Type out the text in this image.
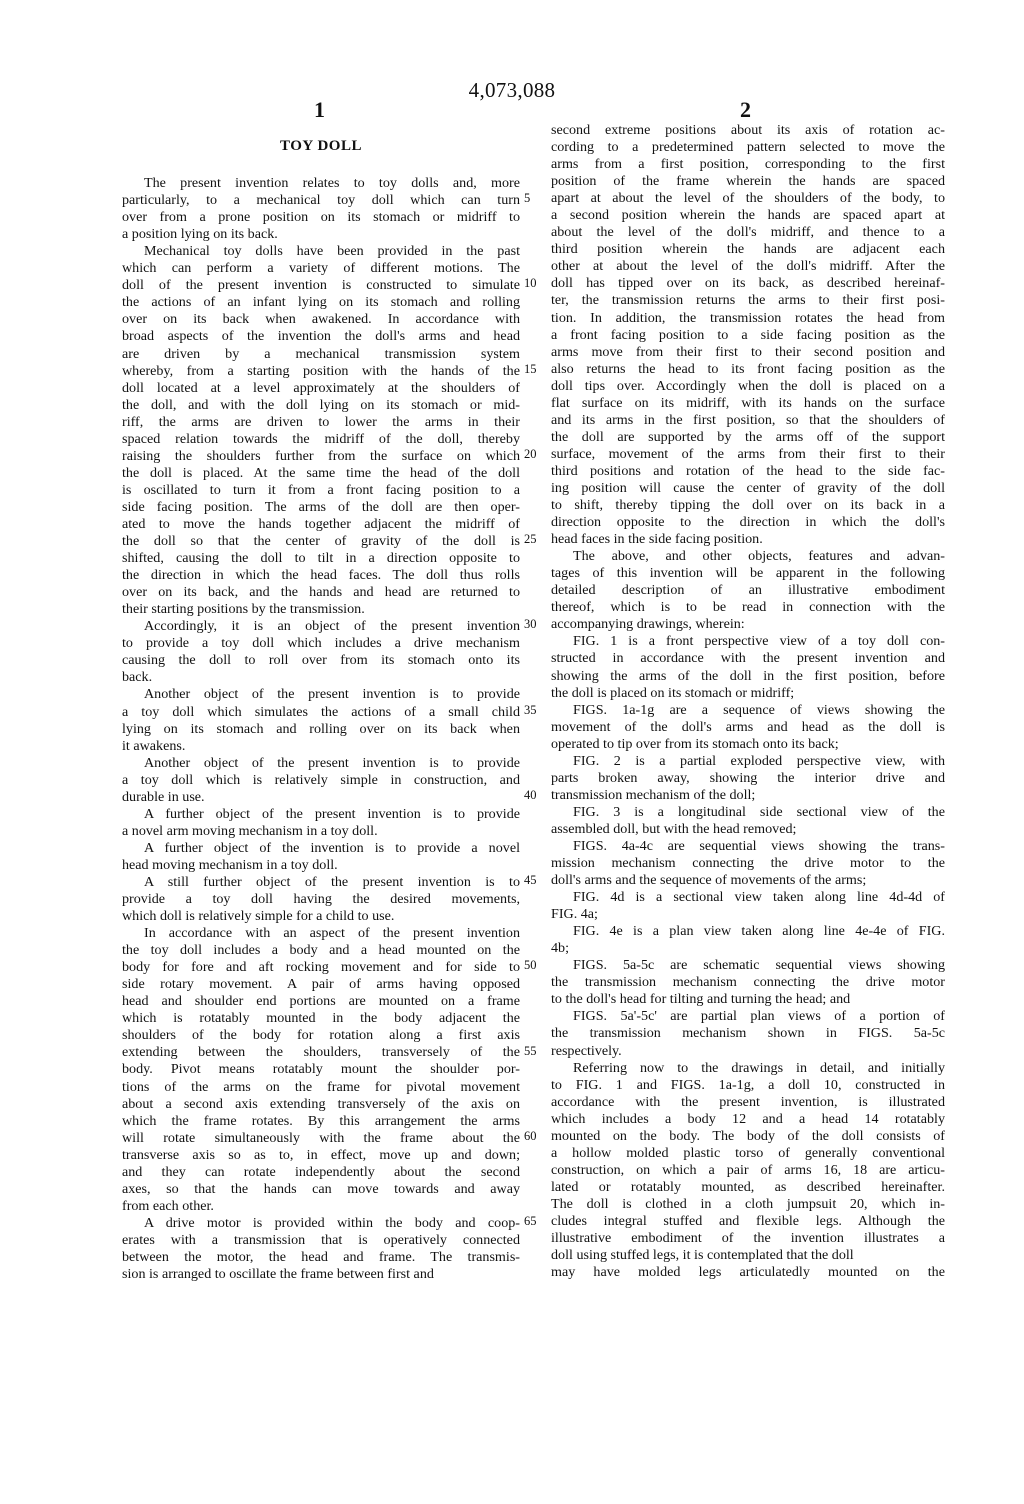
4,073,088
1	2
TOY DOLL
The present invention relates to toy dolls and, more
particularly, to a mechanical toy doll which can turn
over from a prone position on its stomach or midriff to
a position lying on its back.
Mechanical toy dolls have been provided in the past
which can perform a variety of different motions. The
doll of the present invention is constructed to simulate
the actions of an infant lying on its stomach and rolling
over on its back when awakened. In accordance with
broad aspects of the invention the doll's arms and head
are driven by a mechanical transmission system
whereby, from a starting position with the hands of the
doll located at a level approximately at the shoulders of
the doll, and with the doll lying on its stomach or mid-
riff, the arms are driven to lower the arms in their
spaced relation towards the midriff of the doll, thereby
raising the shoulders further from the surface on which
the doll is placed. At the same time the head of the doll
is oscillated to turn it from a front facing position to a
side facing position. The arms of the doll are then oper-
ated to move the hands together adjacent the midriff of
the doll so that the center of gravity of the doll is
shifted, causing the doll to tilt in a direction opposite to
the direction in which the head faces. The doll thus rolls
over on its back, and the hands and head are returned to
their starting positions by the transmission.
Accordingly, it is an object of the present invention
to provide a toy doll which includes a drive mechanism
causing the doll to roll over from its stomach onto its
back.
Another object of the present invention is to provide
a toy doll which simulates the actions of a small child
lying on its stomach and rolling over on its back when
it awakens.
Another object of the present invention is to provide
a toy doll which is relatively simple in construction, and
durable in use.
A further object of the present invention is to provide
a novel arm moving mechanism in a toy doll.
A further object of the invention is to provide a novel
head moving mechanism in a toy doll.
A still further object of the present invention is to
provide a toy doll having the desired movements,
which doll is relatively simple for a child to use.
In accordance with an aspect of the present invention
the toy doll includes a body and a head mounted on the
body for fore and aft rocking movement and for side to
side rotary movement. A pair of arms having opposed
head and shoulder end portions are mounted on a frame
which is rotatably mounted in the body adjacent the
shoulders of the body for rotation along a first axis
extending between the shoulders, transversely of the
body. Pivot means rotatably mount the shoulder por-
tions of the arms on the frame for pivotal movement
about a second axis extending transversely of the axis on
which the frame rotates. By this arrangement the arms
will rotate simultaneously with the frame about the
transverse axis so as to, in effect, move up and down;
and they can rotate independently about the second
axes, so that the hands can move towards and away
from each other.
A drive motor is provided within the body and coop-
erates with a transmission that is operatively connected
between the motor, the head and frame. The transmis-
sion is arranged to oscillate the frame between first and
second extreme positions about its axis of rotation ac-
cording to a predetermined pattern selected to move the
arms from a first position, corresponding to the first
position of the frame wherein the hands are spaced
apart at about the level of the shoulders of the body, to
a second position wherein the hands are spaced apart at
about the level of the doll's midriff, and thence to a
third position wherein the hands are adjacent each
other at about the level of the doll's midriff. After the
doll has tipped over on its back, as described hereinaf-
ter, the transmission returns the arms to their first posi-
tion. In addition, the transmission rotates the head from
a front facing position to a side facing position as the
arms move from their first to their second position and
also returns the head to its front facing position as the
doll tips over. Accordingly when the doll is placed on a
flat surface on its midriff, with its hands on the surface
and its arms in the first position, so that the shoulders of
the doll are supported by the arms off of the support
surface, movement of the arms from their first to their
third positions and rotation of the head to the side fac-
ing position will cause the center of gravity of the doll
to shift, thereby tipping the doll over on its back in a
direction opposite to the direction in which the doll's
head faces in the side facing position.
The above, and other objects, features and advan-
tages of this invention will be apparent in the following
detailed description of an illustrative embodiment
thereof, which is to be read in connection with the
accompanying drawings, wherein:
FIG. 1 is a front perspective view of a toy doll con-
structed in accordance with the present invention and
showing the arms of the doll in the first position, before
the doll is placed on its stomach or midriff;
FIGS. 1a-1g are a sequence of views showing the
movement of the doll's arms and head as the doll is
operated to tip over from its stomach onto its back;
FIG. 2 is a partial exploded perspective view, with
parts broken away, showing the interior drive and
transmission mechanism of the doll;
FIG. 3 is a longitudinal side sectional view of the
assembled doll, but with the head removed;
FIGS. 4a-4c are sequential views showing the trans-
mission mechanism connecting the drive motor to the
doll's arms and the sequence of movements of the arms;
FIG. 4d is a sectional view taken along line 4d-4d of
FIG. 4a;
FIG. 4e is a plan view taken along line 4e-4e of FIG.
4b;
FIGS. 5a-5c are schematic sequential views showing
the transmission mechanism connecting the drive motor
to the doll's head for tilting and turning the head; and
FIGS. 5a'-5c' are partial plan views of a portion of
the transmission mechanism shown in FIGS. 5a-5c
respectively.
Referring now to the drawings in detail, and initially
to FIG. 1 and FIGS. 1a-1g, a doll 10, constructed in
accordance with the present invention, is illustrated
which includes a body 12 and a head 14 rotatably
mounted on the body. The body of the doll consists of
a hollow molded plastic torso of generally conventional
construction, on which a pair of arms 16, 18 are articu-
lated or rotatably mounted, as described hereinafter.
The doll is clothed in a cloth jumpsuit 20, which in-
cludes integral stuffed and flexible legs. Although the
illustrative embodiment of the invention illustrates a
doll using stuffed legs, it is contemplated that the doll
may have molded legs articulatedly mounted on the
5
10
15
20
25
30
35
40
45
50
55
60
65
